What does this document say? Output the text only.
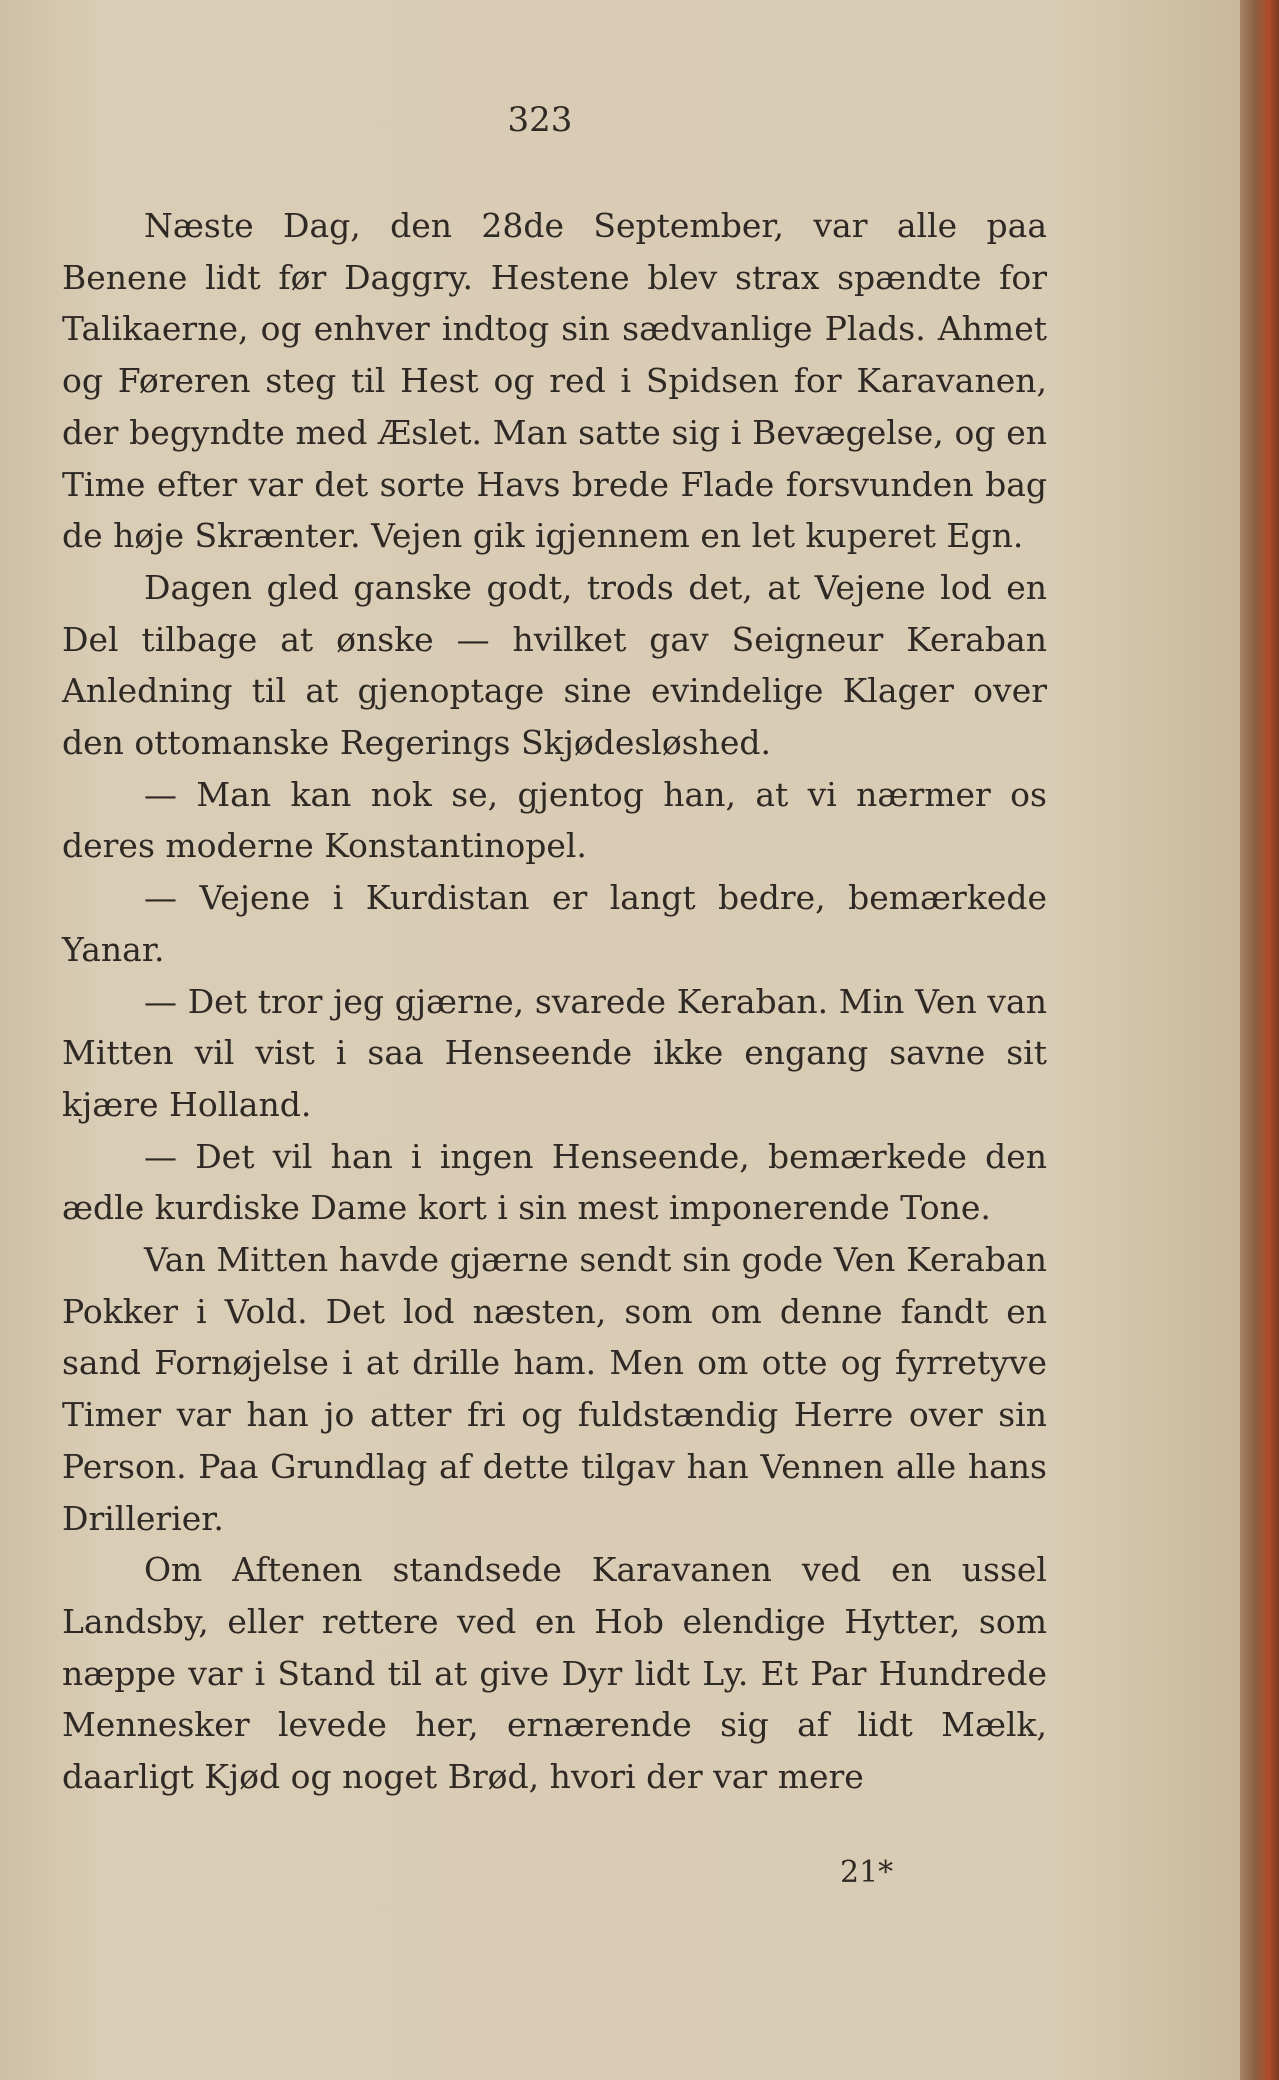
323

Næste Dag, den 28de September, var alle paa Benene lidt før Daggry. Hestene blev strax spændte for Talikaerne, og enhver indtog sin sædvanlige Plads. Ahmet og Føreren steg til Hest og red i Spidsen for Karavanen, der begyndte med Æslet. Man satte sig i Bevægelse, og en Time efter var det sorte Havs brede Flade forsvunden bag de høje Skrænter. Vejen gik igjennem en let kuperet Egn.

Dagen gled ganske godt, trods det, at Vejene lod en Del tilbage at ønske — hvilket gav Seigneur Keraban Anledning til at gjenoptage sine evindelige Klager over den ottomanske Regerings Skjødesløshed.

— Man kan nok se, gjentog han, at vi nærmer os deres moderne Konstantinopel.

— Vejene i Kurdistan er langt bedre, bemærkede Yanar.

— Det tror jeg gjærne, svarede Keraban. Min Ven van Mitten vil vist i saa Henseende ikke engang savne sit kjære Holland.

— Det vil han i ingen Henseende, bemærkede den ædle kurdiske Dame kort i sin mest imponerende Tone.

Van Mitten havde gjærne sendt sin gode Ven Keraban Pokker i Vold. Det lod næsten, som om denne fandt en sand Fornøjelse i at drille ham. Men om otte og fyrretyve Timer var han jo atter fri og fuldstændig Herre over sin Person. Paa Grundlag af dette tilgav han Vennen alle hans Drillerier.

Om Aftenen standsede Karavanen ved en ussel Landsby, eller rettere ved en Hob elendige Hytter, som næppe var i Stand til at give Dyr lidt Ly. Et Par Hundrede Mennesker levede her, ernærende sig af lidt Mælk, daarligt Kjød og noget Brød, hvori der var mere

21*
